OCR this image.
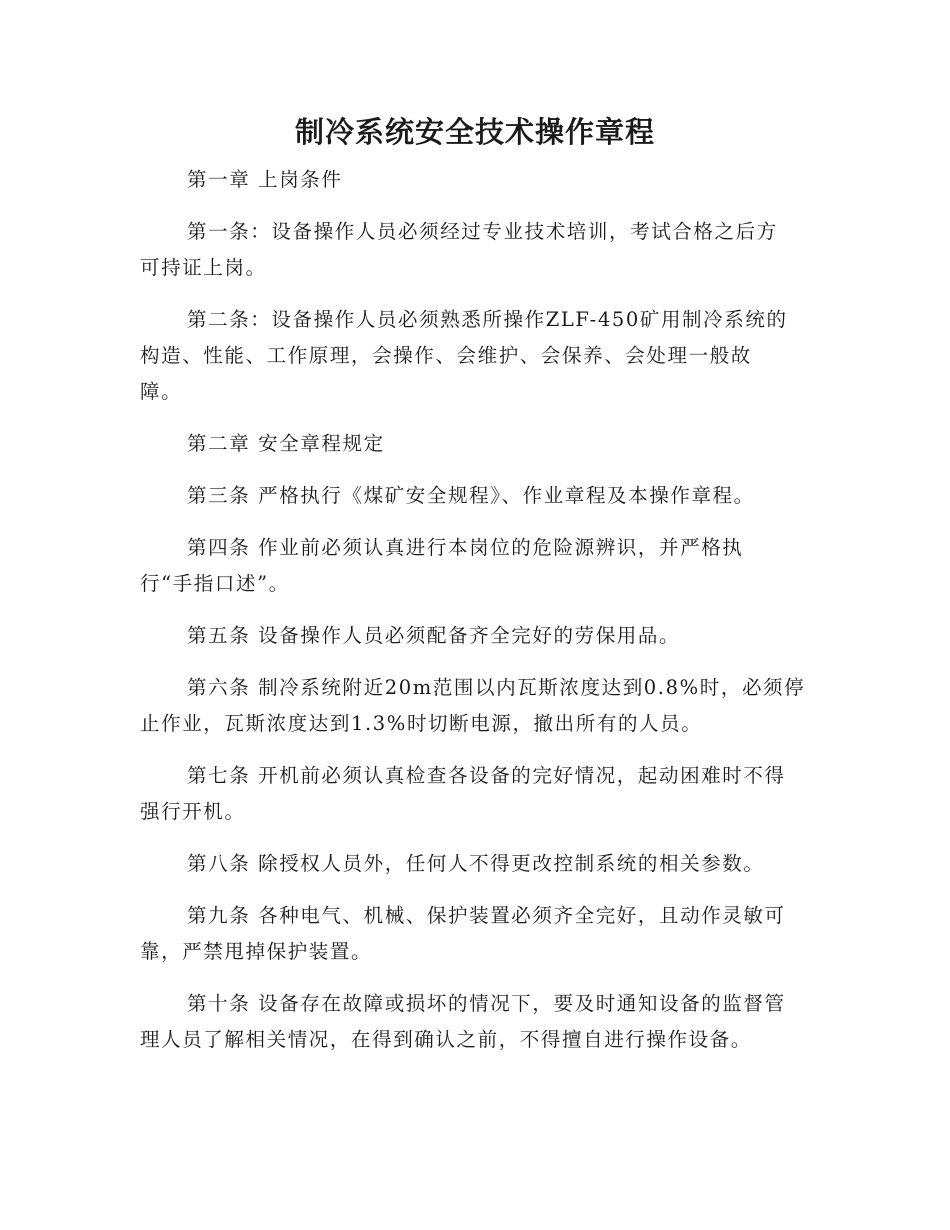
制冷系统安全技术操作章程

第一章 上岗条件

第一条：设备操作人员必须经过专业技术培训，考试合格之后方
可持证上岗。

第二条：设备操作人员必须熟悉所操作ZLF-450矿用制冷系统的
构造、性能、工作原理，会操作、会维护、会保养、会处理一般故
障。

第二章 安全章程规定

第三条 严格执行《煤矿安全规程》、作业章程及本操作章程。

第四条 作业前必须认真进行本岗位的危险源辨识，并严格执
行“手指口述”。

第五条 设备操作人员必须配备齐全完好的劳保用品。

第六条 制冷系统附近20m范围以内瓦斯浓度达到0.8%时，必须停
止作业，瓦斯浓度达到1.3%时切断电源，撤出所有的人员。

第七条 开机前必须认真检查各设备的完好情况，起动困难时不得
强行开机。

第八条 除授权人员外，任何人不得更改控制系统的相关参数。

第九条 各种电气、机械、保护装置必须齐全完好，且动作灵敏可
靠，严禁甩掉保护装置。

第十条 设备存在故障或损坏的情况下，要及时通知设备的监督管
理人员了解相关情况，在得到确认之前，不得擅自进行操作设备。
